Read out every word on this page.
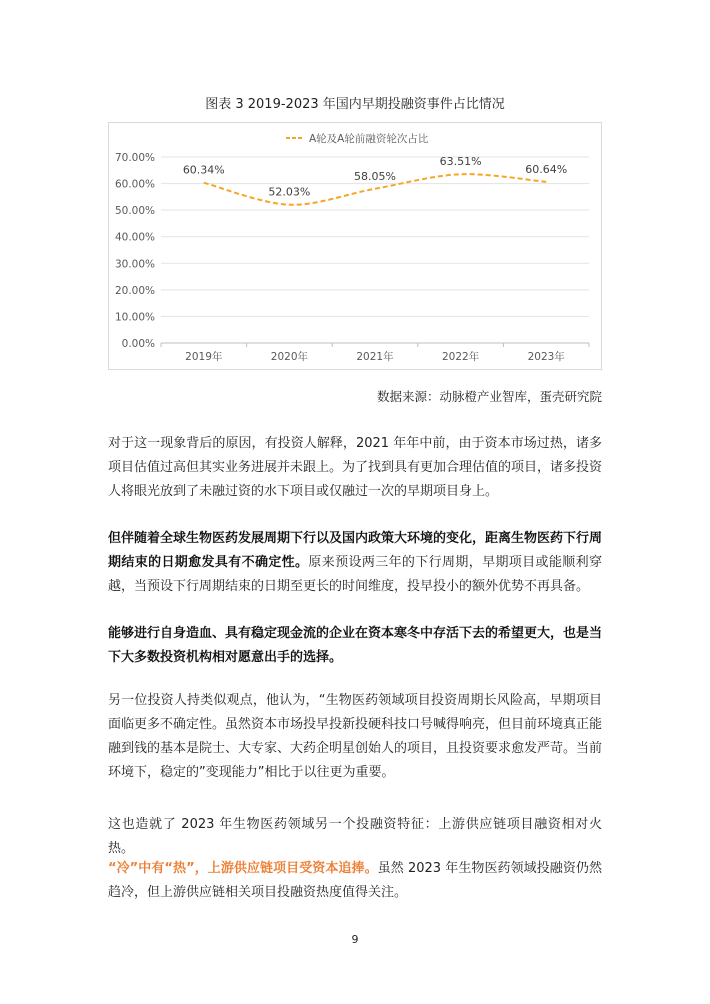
图表 3 2019-2023 年国内早期投融资事件占比情况
0.00%
10.00%
20.00%
30.00%
40.00%
50.00%
60.00%
70.00%
2019年	2020年	2021年	2022年	2023年
60.34%
52.03%
58.05%
63.51%
60.64%
A轮及A轮前融资轮次占比
数据来源：动脉橙产业智库，蛋壳研究院

对于这一现象背后的原因，有投资人解释，2021 年年中前，由于资本市场过热，诸多项目估值过高但其实业务进展并未跟上。为了找到具有更加合理估值的项目，诸多投资人将眼光放到了未融过资的水下项目或仅融过一次的早期项目身上。

但伴随着全球生物医药发展周期下行以及国内政策大环境的变化，距离生物医药下行周期结束的日期愈发具有不确定性。原来预设两三年的下行周期，早期项目或能顺利穿越，当预设下行周期结束的日期至更长的时间维度，投早投小的额外优势不再具备。

能够进行自身造血、具有稳定现金流的企业在资本寒冬中存活下去的希望更大，也是当下大多数投资机构相对愿意出手的选择。

另一位投资人持类似观点，他认为，“生物医药领域项目投资周期长风险高，早期项目面临更多不确定性。虽然资本市场投早投新投硬科技口号喊得响亮，但目前环境真正能融到钱的基本是院士、大专家、大药企明星创始人的项目，且投资要求愈发严苛。当前环境下，稳定的”变现能力”相比于以往更为重要。

这也造就了 2023 年生物医药领域另一个投融资特征：上游供应链项目融资相对火热。

“冷”中有“热”，上游供应链项目受资本追捧。虽然 2023 年生物医药领域投融资仍然趋冷，但上游供应链相关项目投融资热度值得关注。

9
